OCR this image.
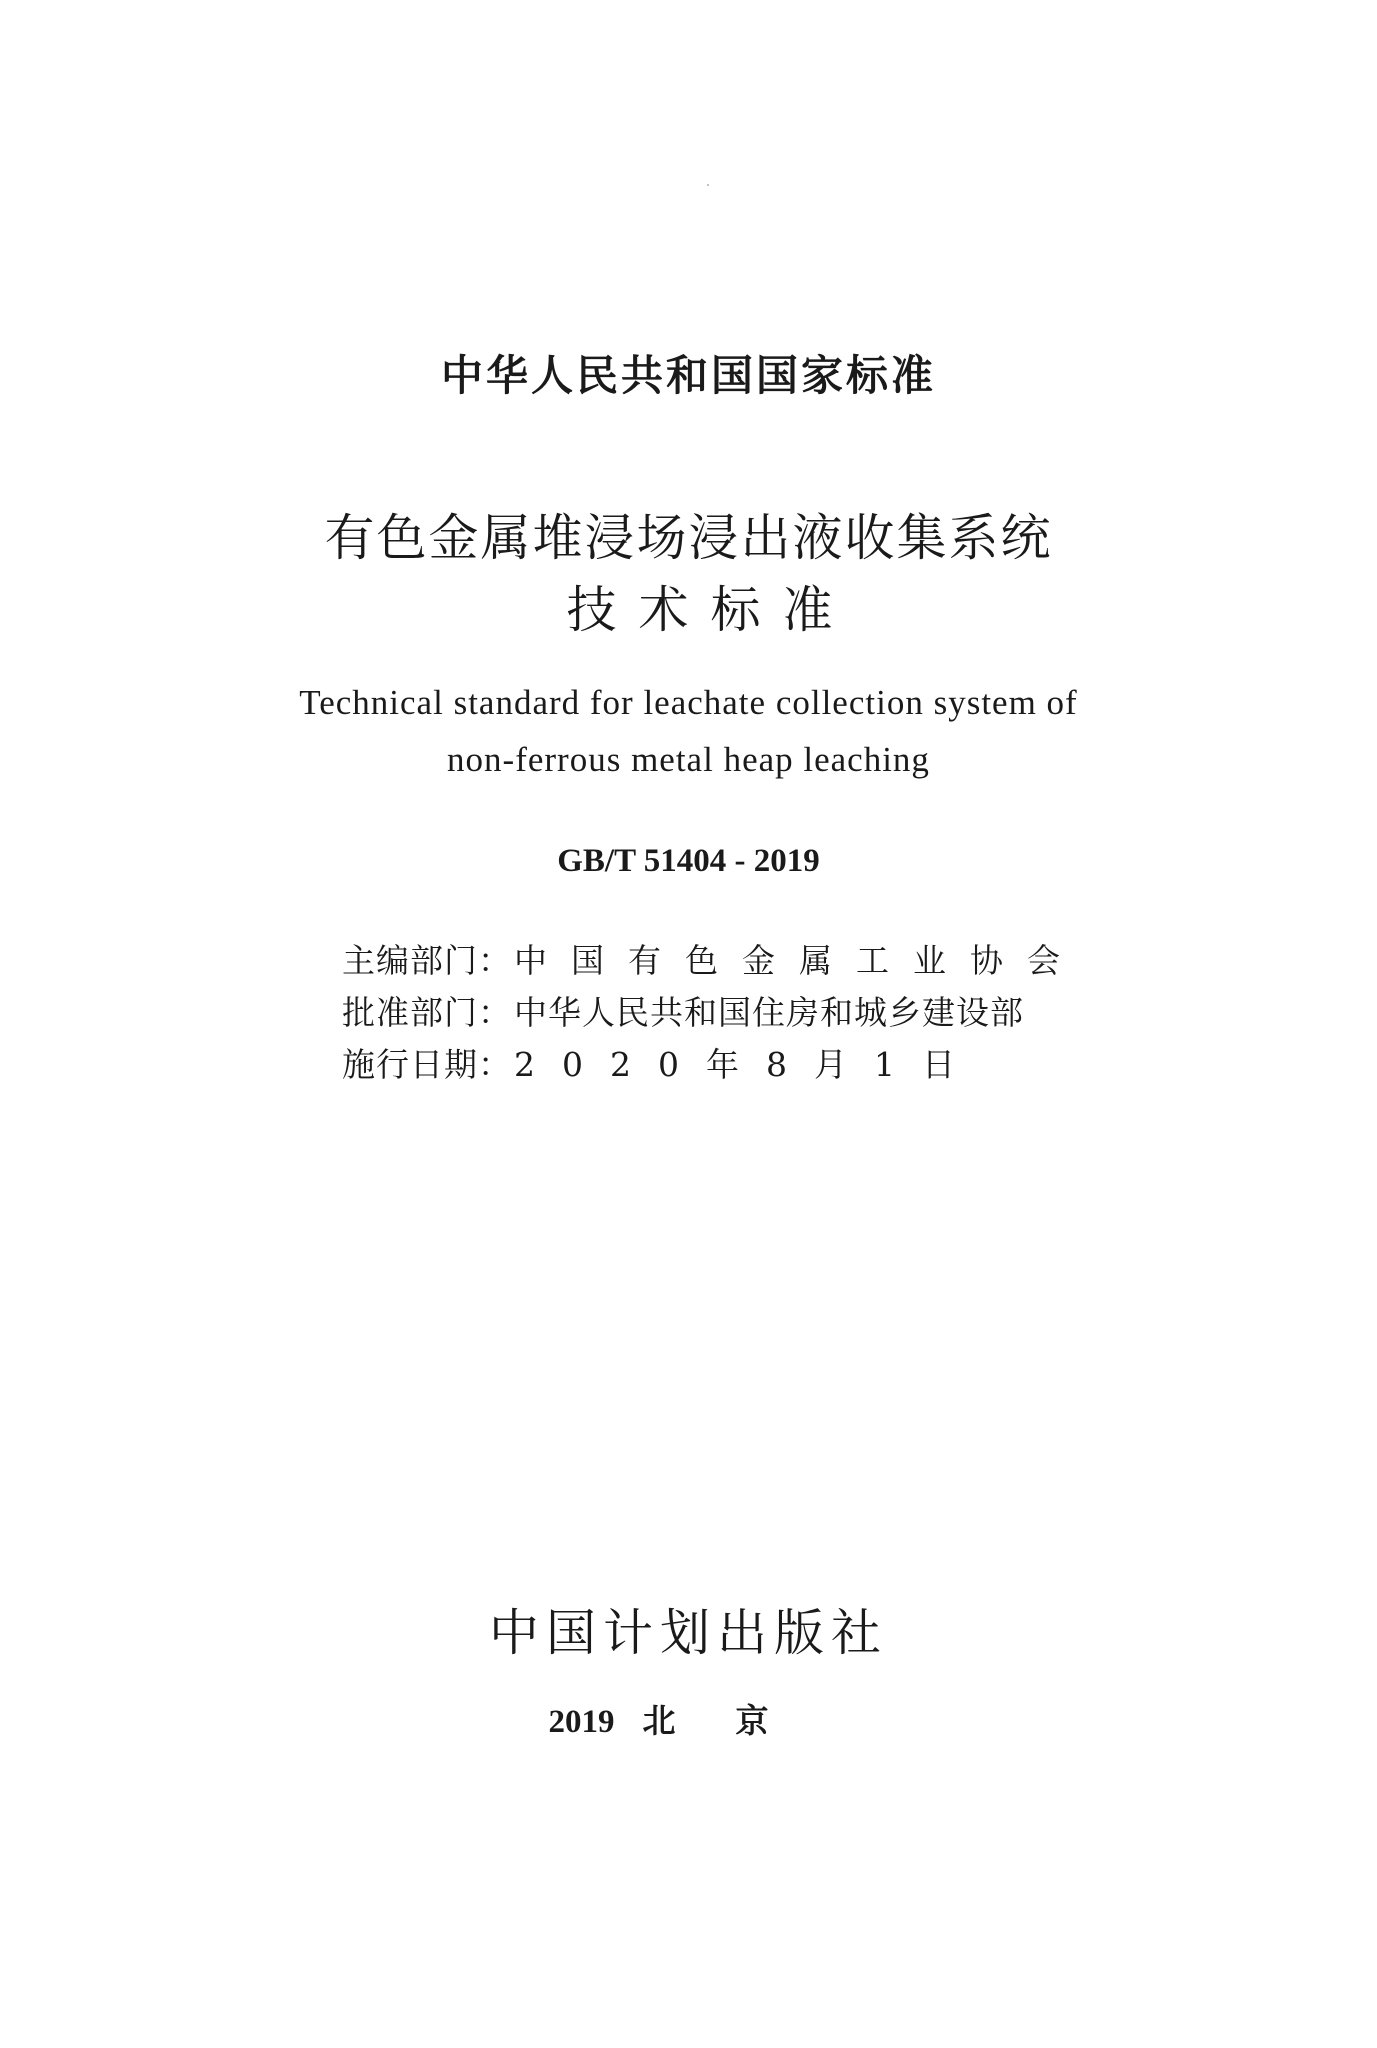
中华人民共和国国家标准
有色金属堆浸场浸出液收集系统
技术标准
Technical standard for leachate collection system of
non-ferrous metal heap leaching
GB/T 51404 - 2019
主编部门：中国有色金属工业协会
批准部门：中华人民共和国住房和城乡建设部
施行日期：2020年8月1日
中国计划出版社
2019 北京
